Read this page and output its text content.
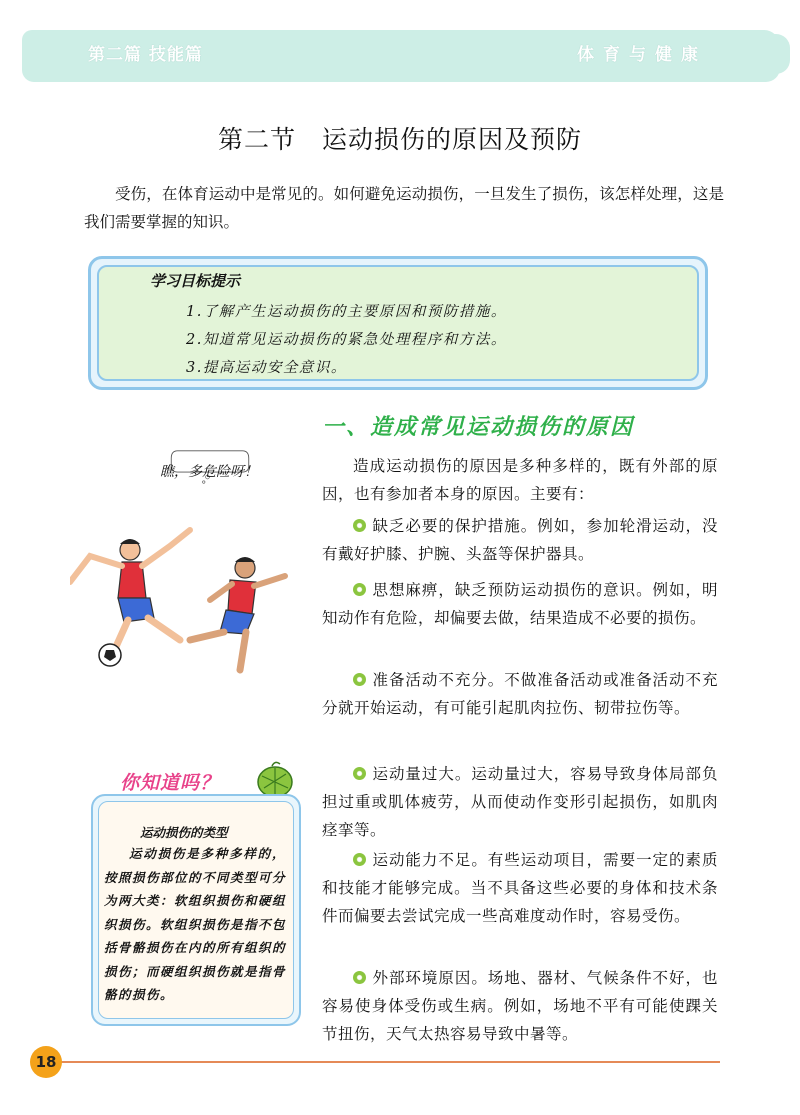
第二篇 技能篇	体育与健康
第二节　运动损伤的原因及预防
受伤，在体育运动中是常见的。如何避免运动损伤，一旦发生了损伤，该怎样处理，这是我们需要掌握的知识。
学习目标提示
1.了解产生运动损伤的主要原因和预防措施。
2.知道常见运动损伤的紧急处理程序和方法。
3.提高运动安全意识。
一、造成常见运动损伤的原因
造成运动损伤的原因是多种多样的，既有外部的原因，也有参加者本身的原因。主要有：
缺乏必要的保护措施。例如，参加轮滑运动，没有戴好护膝、护腕、头盔等保护器具。
思想麻痹，缺乏预防运动损伤的意识。例如，明知动作有危险，却偏要去做，结果造成不必要的损伤。
准备活动不充分。不做准备活动或准备活动不充分就开始运动，有可能引起肌肉拉伤、韧带拉伤等。
运动量过大。运动量过大，容易导致身体局部负担过重或肌体疲劳，从而使动作变形引起损伤，如肌肉痉挛等。
运动能力不足。有些运动项目，需要一定的素质和技能才能够完成。当不具备这些必要的身体和技术条件而偏要去尝试完成一些高难度动作时，容易受伤。
外部环境原因。场地、器材、气候条件不好，也容易使身体受伤或生病。例如，场地不平有可能使踝关节扭伤，天气太热容易导致中暑等。
瞧，多危险呀！
你知道吗？
运动损伤的类型
运动损伤是多种多样的，按照损伤部位的不同类型可分为两大类：软组织损伤和硬组织损伤。软组织损伤是指不包括骨骼损伤在内的所有组织的损伤；而硬组织损伤就是指骨骼的损伤。
18
